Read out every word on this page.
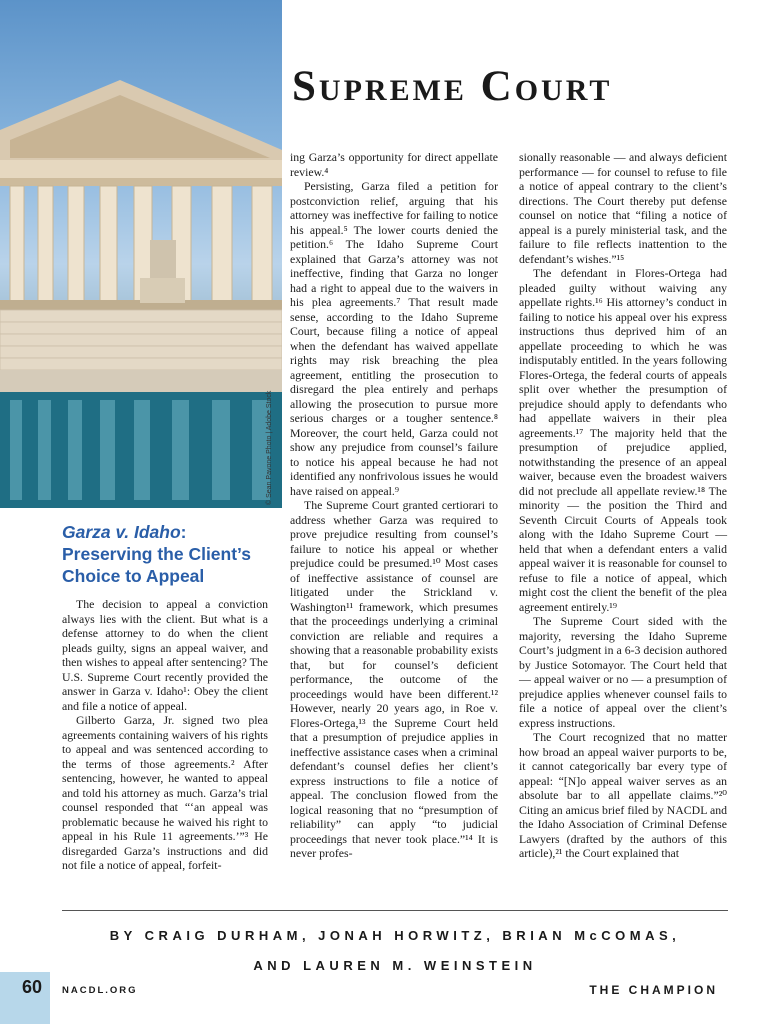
© Sean Pavone Photo | Adobe Stock
Supreme Court
Garza v. Idaho:
Preserving the Client’s
Choice to Appeal

The decision to appeal a conviction always lies with the client. But what is a defense attorney to do when the client pleads guilty, signs an appeal waiver, and then wishes to appeal after sentencing? The U.S. Supreme Court recently provided the answer in Garza v. Idaho¹: Obey the client and file a notice of appeal.

Gilberto Garza, Jr. signed two plea agreements containing waivers of his rights to appeal and was sentenced according to the terms of those agreements.² After sentencing, however, he wanted to appeal and told his attorney as much. Garza’s trial counsel responded that “‘an appeal was problematic because he waived his right to appeal in his Rule 11 agreements.’”³ He disregarded Garza’s instructions and did not file a notice of appeal, forfeit-

ing Garza’s opportunity for direct appellate review.⁴

Persisting, Garza filed a petition for postconviction relief, arguing that his attorney was ineffective for failing to notice his appeal.⁵ The lower courts denied the petition.⁶ The Idaho Supreme Court explained that Garza’s attorney was not ineffective, finding that Garza no longer had a right to appeal due to the waivers in his plea agreements.⁷ That result made sense, according to the Idaho Supreme Court, because filing a notice of appeal when the defendant has waived appellate rights may risk breaching the plea agreement, entitling the prosecution to disregard the plea entirely and perhaps allowing the prosecution to pursue more serious charges or a tougher sentence.⁸ Moreover, the court held, Garza could not show any prejudice from counsel’s failure to notice his appeal because he had not identified any nonfrivolous issues he would have raised on appeal.⁹

The Supreme Court granted certiorari to address whether Garza was required to prove prejudice resulting from counsel’s failure to notice his appeal or whether prejudice could be presumed.¹⁰ Most cases of ineffective assistance of counsel are litigated under the Strickland v. Washington¹¹ framework, which presumes that the proceedings underlying a criminal conviction are reliable and requires a showing that a reasonable probability exists that, but for counsel’s deficient performance, the outcome of the proceedings would have been different.¹² However, nearly 20 years ago, in Roe v. Flores-Ortega,¹³ the Supreme Court held that a presumption of prejudice applies in ineffective assistance cases when a criminal defendant’s counsel defies her client’s express instructions to file a notice of appeal. The conclusion flowed from the logical reasoning that no “presumption of reliability” can apply “to judicial proceedings that never took place.”¹⁴ It is never profes-

sionally reasonable — and always deficient performance — for counsel to refuse to file a notice of appeal contrary to the client’s directions. The Court thereby put defense counsel on notice that “filing a notice of appeal is a purely ministerial task, and the failure to file reflects inattention to the defendant’s wishes.”¹⁵

The defendant in Flores-Ortega had pleaded guilty without waiving any appellate rights.¹⁶ His attorney’s conduct in failing to notice his appeal over his express instructions thus deprived him of an appellate proceeding to which he was indisputably entitled. In the years following Flores-Ortega, the federal courts of appeals split over whether the presumption of prejudice should apply to defendants who had appellate waivers in their plea agreements.¹⁷ The majority held that the presumption of prejudice applied, notwithstanding the presence of an appeal waiver, because even the broadest waivers did not preclude all appellate review.¹⁸ The minority — the position the Third and Seventh Circuit Courts of Appeals took along with the Idaho Supreme Court — held that when a defendant enters a valid appeal waiver it is reasonable for counsel to refuse to file a notice of appeal, which might cost the client the benefit of the plea agreement entirely.¹⁹

The Supreme Court sided with the majority, reversing the Idaho Supreme Court’s judgment in a 6-3 decision authored by Justice Sotomayor. The Court held that — appeal waiver or no — a presumption of prejudice applies whenever counsel fails to file a notice of appeal over the client’s express instructions.

The Court recognized that no matter how broad an appeal waiver purports to be, it cannot categorically bar every type of appeal: “[N]o appeal waiver serves as an absolute bar to all appellate claims.”²⁰ Citing an amicus brief filed by NACDL and the Idaho Association of Criminal Defense Lawyers (drafted by the authors of this article),²¹ the Court explained that

BY CRAIG DURHAM, JONAH HORWITZ, BRIAN McCOMAS,
AND LAUREN M. WEINSTEIN
60 NACDL.ORG	THE CHAMPION
